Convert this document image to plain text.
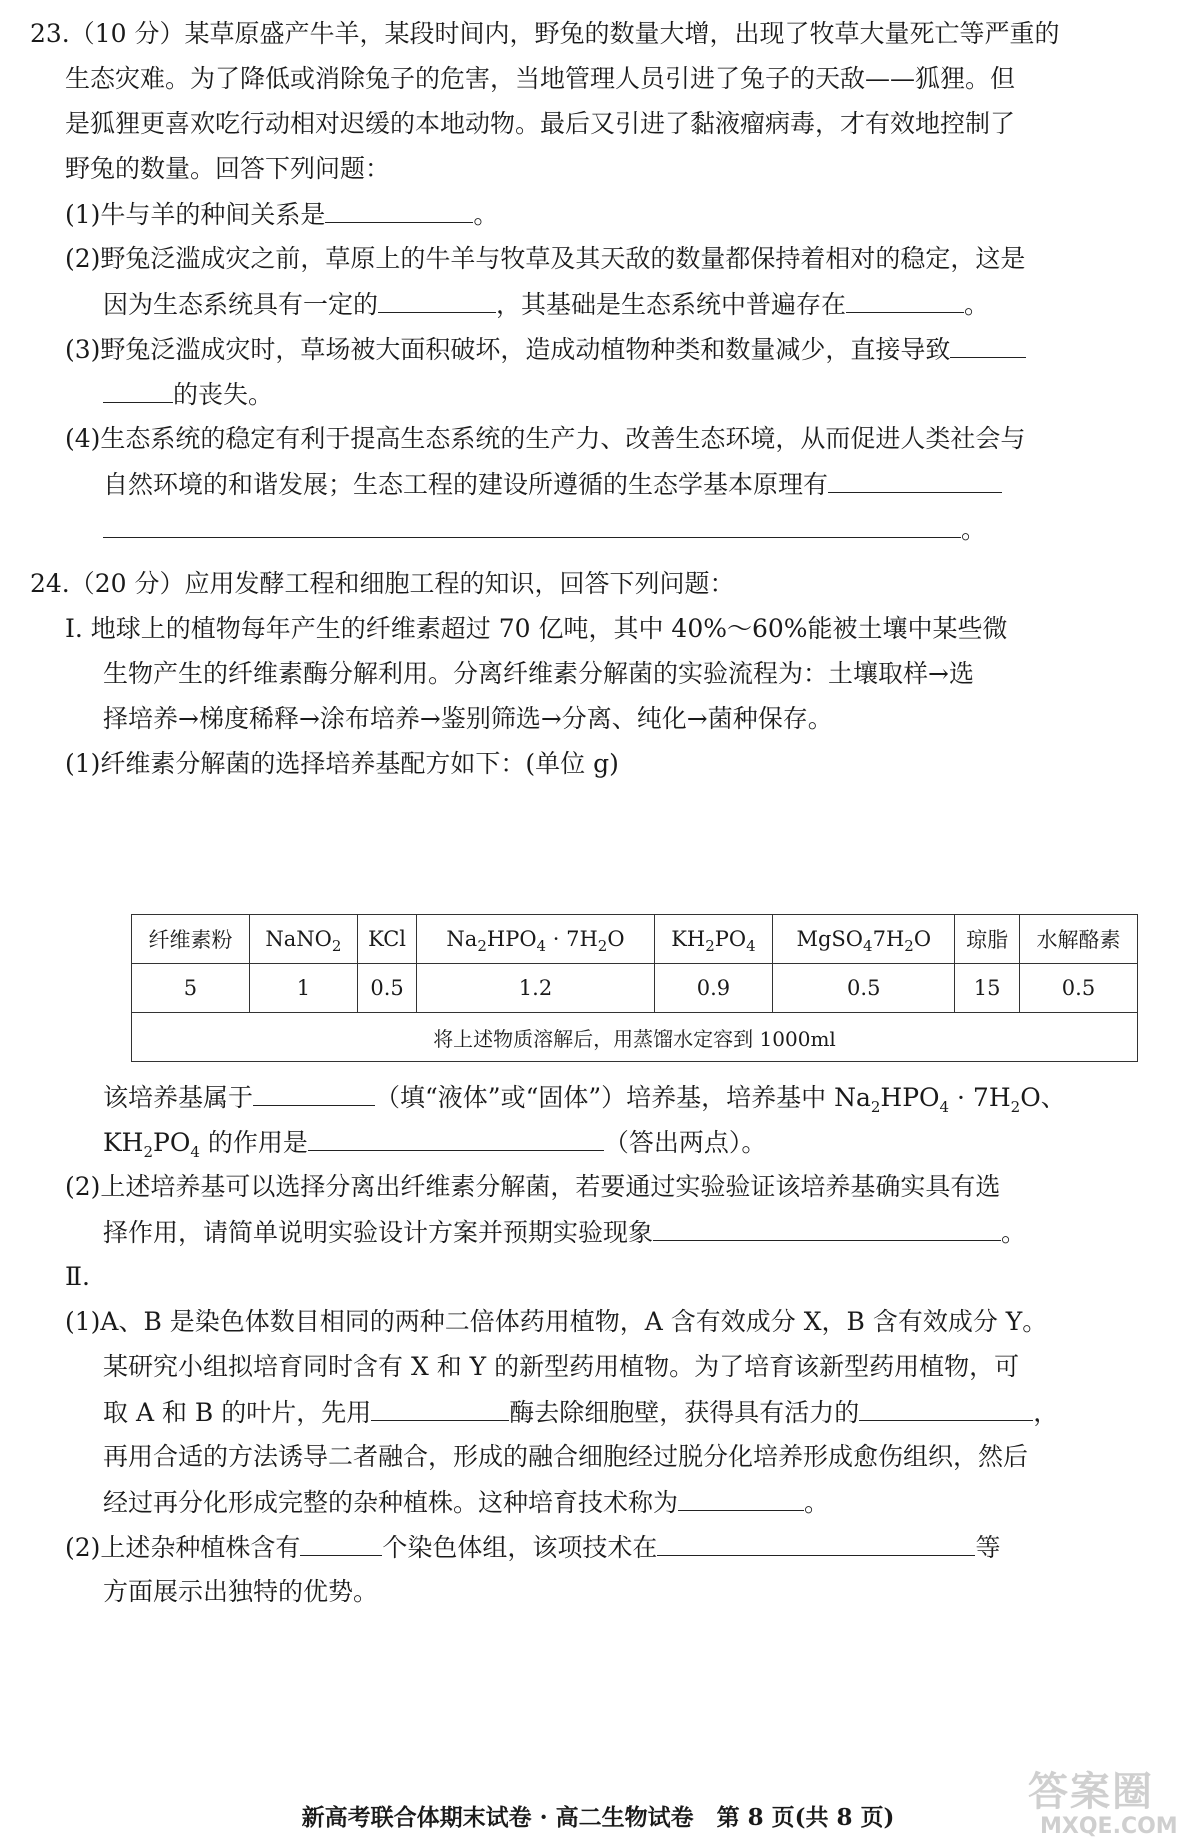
23.（10 分）某草原盛产牛羊，某段时间内，野兔的数量大增，出现了牧草大量死亡等严重的
生态灾难。为了降低或消除兔子的危害，当地管理人员引进了兔子的天敌——狐狸。但
是狐狸更喜欢吃行动相对迟缓的本地动物。最后又引进了黏液瘤病毒，才有效地控制了
野兔的数量。回答下列问题：
(1)牛与羊的种间关系是	。
(2)野兔泛滥成灾之前，草原上的牛羊与牧草及其天敌的数量都保持着相对的稳定，这是
因为生态系统具有一定的	，其基础是生态系统中普遍存在	。
(3)野兔泛滥成灾时，草场被大面积破坏，造成动植物种类和数量减少，直接导致
的丧失。
(4)生态系统的稳定有利于提高生态系统的生产力、改善生态环境，从而促进人类社会与
自然环境的和谐发展；生态工程的建设所遵循的生态学基本原理有
。
24.（20 分）应用发酵工程和细胞工程的知识，回答下列问题：
Ⅰ. 地球上的植物每年产生的纤维素超过 70 亿吨，其中 40%～60%能被土壤中某些微
生物产生的纤维素酶分解利用。分离纤维素分解菌的实验流程为：土壤取样→选
择培养→梯度稀释→涂布培养→鉴别筛选→分离、纯化→菌种保存。
(1)纤维素分解菌的选择培养基配方如下：(单位 g)
纤维素粉	NaNO$_2$	KCl	$Na_2HPO_4 \cdot 7H_2O$	$KH_2PO_4$	$MgSO_47H_2O$	琼脂	水解酪素
5	1	0.5	1.2	0.9	0.5	15	0.5
将上述物质溶解后，用蒸馏水定容到 1000ml							
该培养基属于	（填“液体”或“固体”）培养基，培养基中 $Na_2HPO_4 \cdot 7H_2O$、
$KH_2PO_4$ 的作用是	（答出两点）。
(2)上述培养基可以选择分离出纤维素分解菌，若要通过实验验证该培养基确实具有选
择作用，请简单说明实验设计方案并预期实验现象	。
Ⅱ.
(1)A、B 是染色体数目相同的两种二倍体药用植物，A 含有效成分 X，B 含有效成分 Y。
某研究小组拟培育同时含有 X 和 Y 的新型药用植物。为了培育该新型药用植物，可
取 A 和 B 的叶片，先用	酶去除细胞壁，获得具有活力的	，
再用合适的方法诱导二者融合，形成的融合细胞经过脱分化培养形成愈伤组织，然后
经过再分化形成完整的杂种植株。这种培育技术称为	。
(2)上述杂种植株含有	个染色体组，该项技术在	等
方面展示出独特的优势。
新高考联合体期末试卷 · 高二生物试卷　第 8 页(共 8 页)
答案圈
MXQE.COM
